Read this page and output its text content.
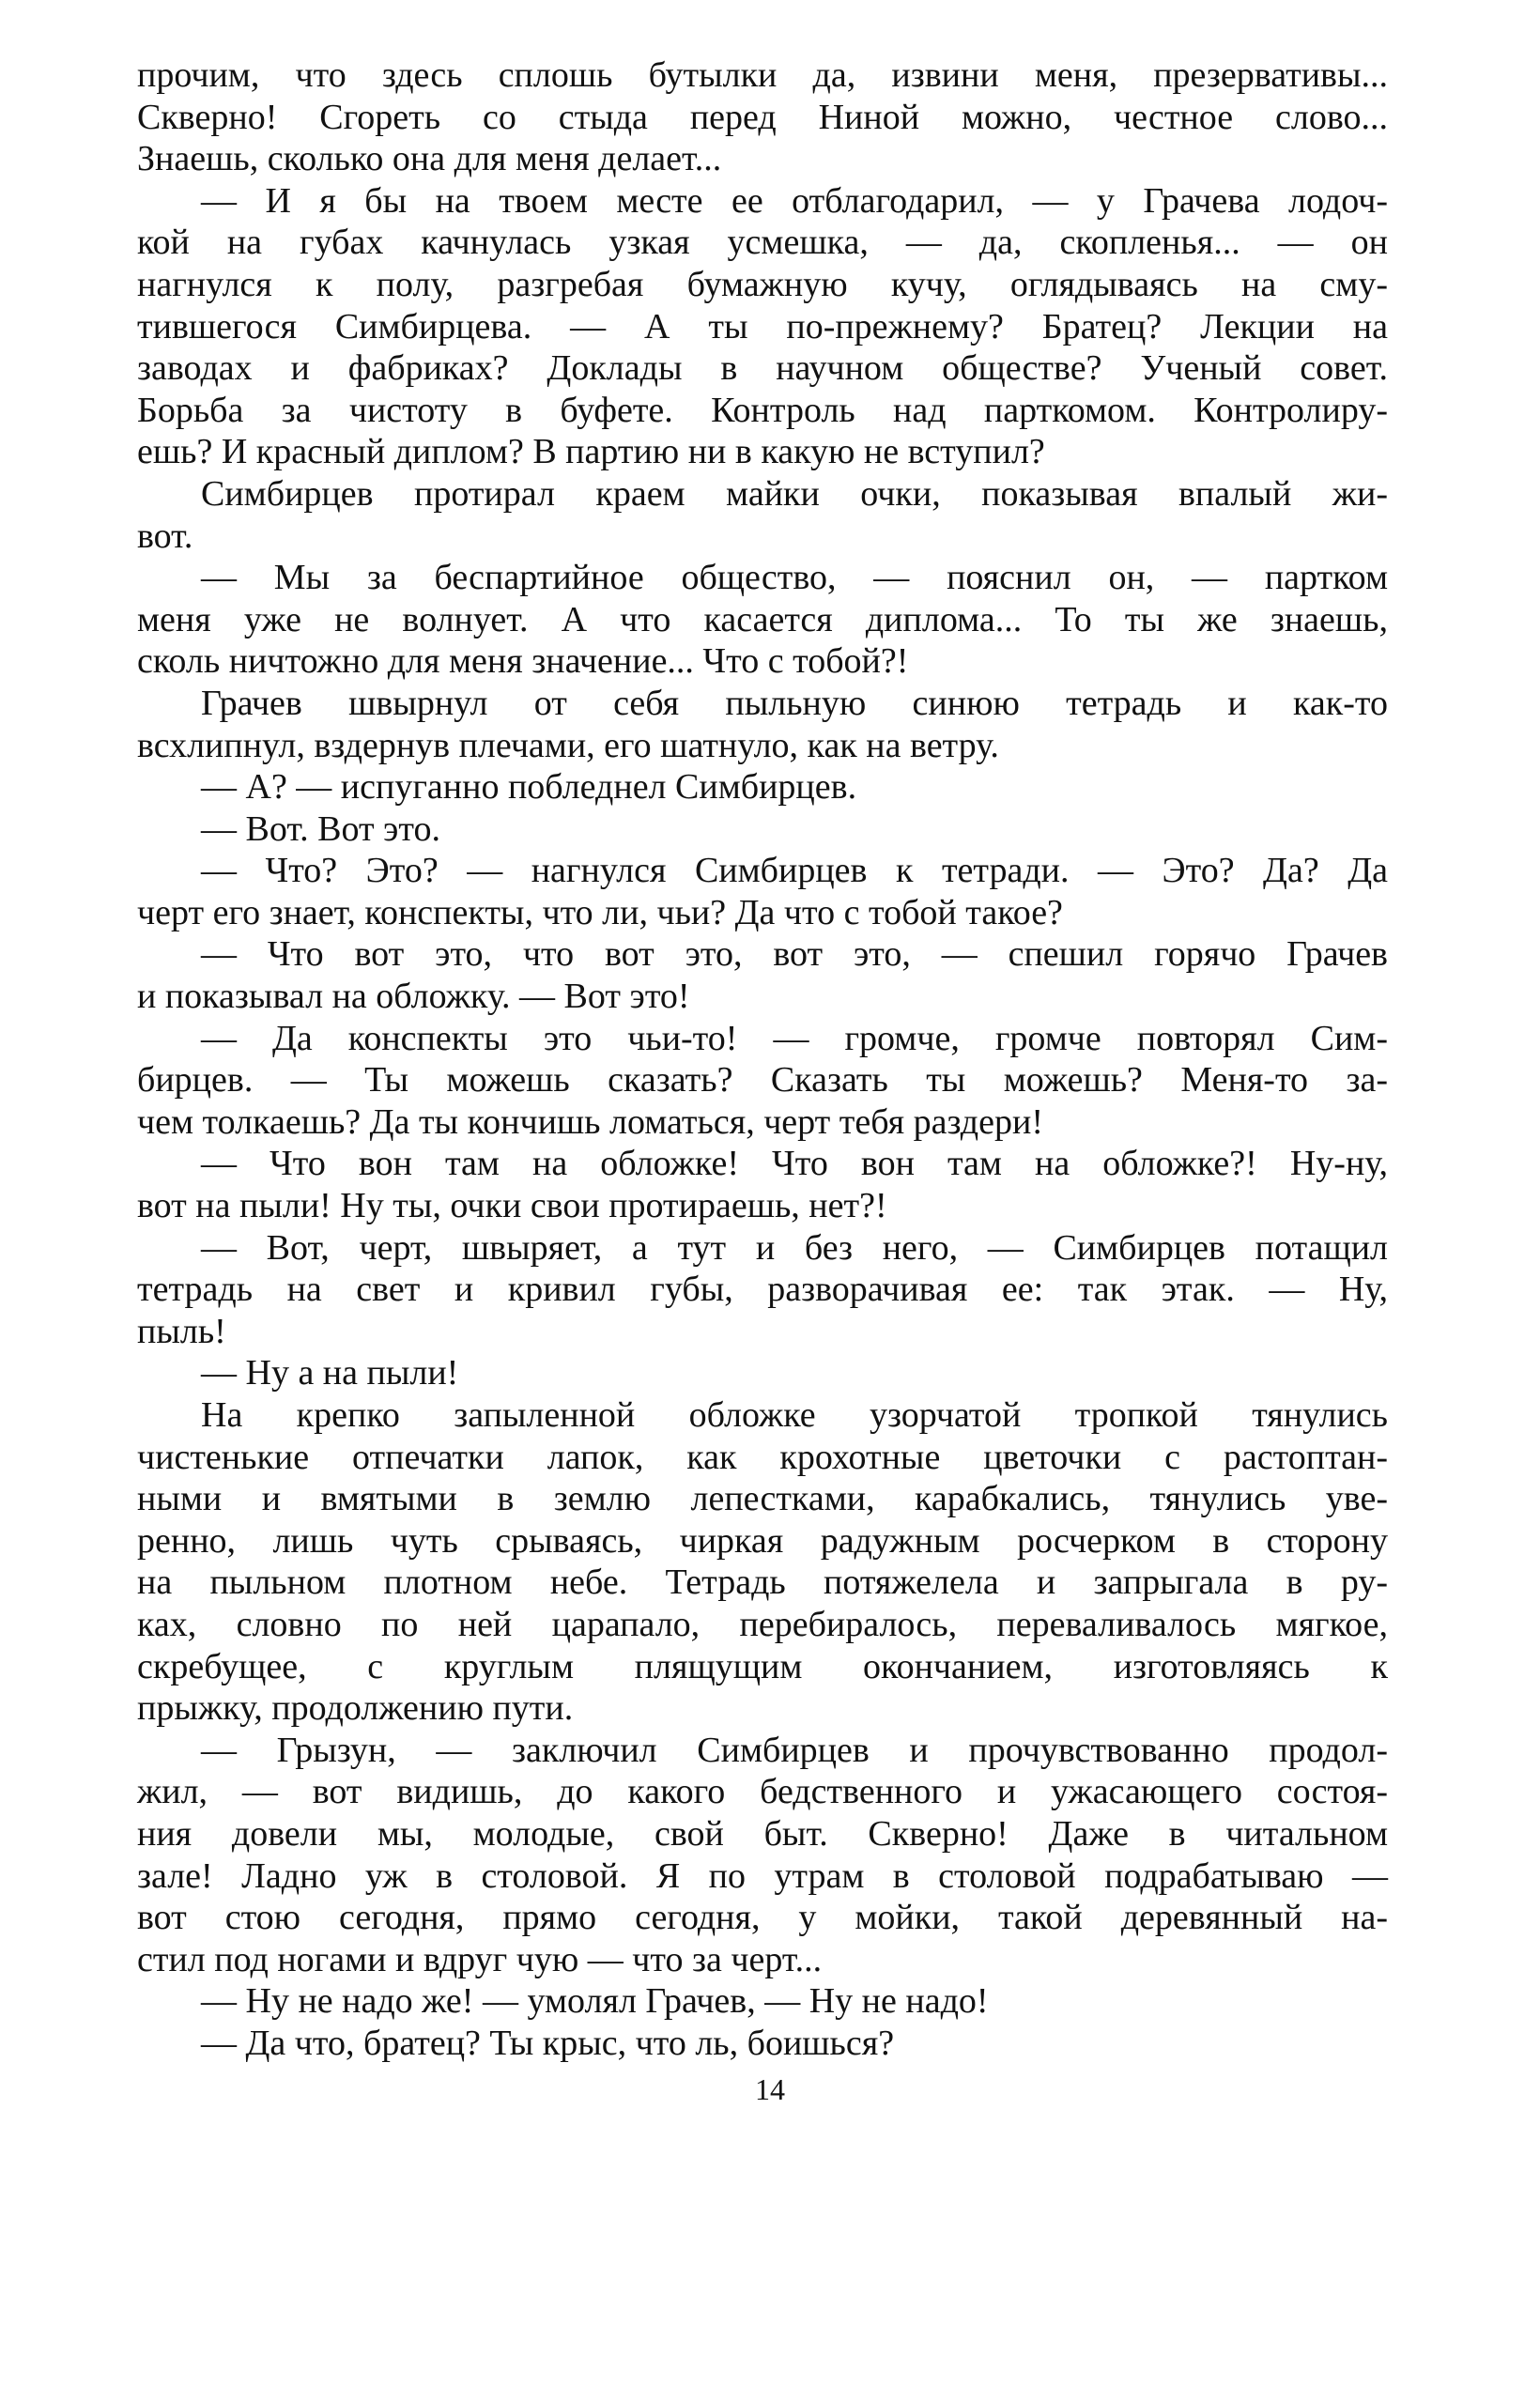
прочим, что здесь сплошь бутылки да, извини меня, презервативы...
Скверно! Сгореть со стыда перед Ниной можно, честное слово...
Знаешь, сколько она для меня делает...
— И я бы на твоем месте ее отблагодарил, — у Грачева лодоч-
кой на губах качнулась узкая усмешка, — да, скопленья... — он
нагнулся к полу, разгребая бумажную кучу, оглядываясь на сму-
тившегося Симбирцева. — А ты по-прежнему? Братец? Лекции на
заводах и фабриках? Доклады в научном обществе? Ученый совет.
Борьба за чистоту в буфете. Контроль над парткомом. Контролиру-
ешь? И красный диплом? В партию ни в какую не вступил?
Симбирцев протирал краем майки очки, показывая впалый жи-
вот.
— Мы за беспартийное общество, — пояснил он, — партком
меня уже не волнует. А что касается диплома... То ты же знаешь,
сколь ничтожно для меня значение... Что с тобой?!
Грачев швырнул от себя пыльную синюю тетрадь и как-то
всхлипнул, вздернув плечами, его шатнуло, как на ветру.
— А? — испуганно побледнел Симбирцев.
— Вот. Вот это.
— Что? Это? — нагнулся Симбирцев к тетради. — Это? Да? Да
черт его знает, конспекты, что ли, чьи? Да что с тобой такое?
— Что вот это, что вот это, вот это, — спешил горячо Грачев
и показывал на обложку. — Вот это!
— Да конспекты это чьи-то! — громче, громче повторял Сим-
бирцев. — Ты можешь сказать? Сказать ты можешь? Меня-то за-
чем толкаешь? Да ты кончишь ломаться, черт тебя раздери!
— Что вон там на обложке! Что вон там на обложке?! Ну-ну,
вот на пыли! Ну ты, очки свои протираешь, нет?!
— Вот, черт, швыряет, а тут и без него, — Симбирцев потащил
тетрадь на свет и кривил губы, разворачивая ее: так этак. — Ну,
пыль!
— Ну а на пыли!
На крепко запыленной обложке узорчатой тропкой тянулись
чистенькие отпечатки лапок, как крохотные цветочки с растоптан-
ными и вмятыми в землю лепестками, карабкались, тянулись уве-
ренно, лишь чуть срываясь, чиркая радужным росчерком в сторону
на пыльном плотном небе. Тетрадь потяжелела и запрыгала в ру-
ках, словно по ней царапало, перебиралось, переваливалось мягкое,
скребущее, с круглым плящущим окончанием, изготовляясь к
прыжку, продолжению пути.
— Грызун, — заключил Симбирцев и прочувствованно продол-
жил, — вот видишь, до какого бедственного и ужасающего состоя-
ния довели мы, молодые, свой быт. Скверно! Даже в читальном
зале! Ладно уж в столовой. Я по утрам в столовой подрабатываю —
вот стою сегодня, прямо сегодня, у мойки, такой деревянный на-
стил под ногами и вдруг чую — что за черт...
— Ну не надо же! — умолял Грачев, — Ну не надо!
— Да что, братец? Ты крыс, что ль, боишься?
14
